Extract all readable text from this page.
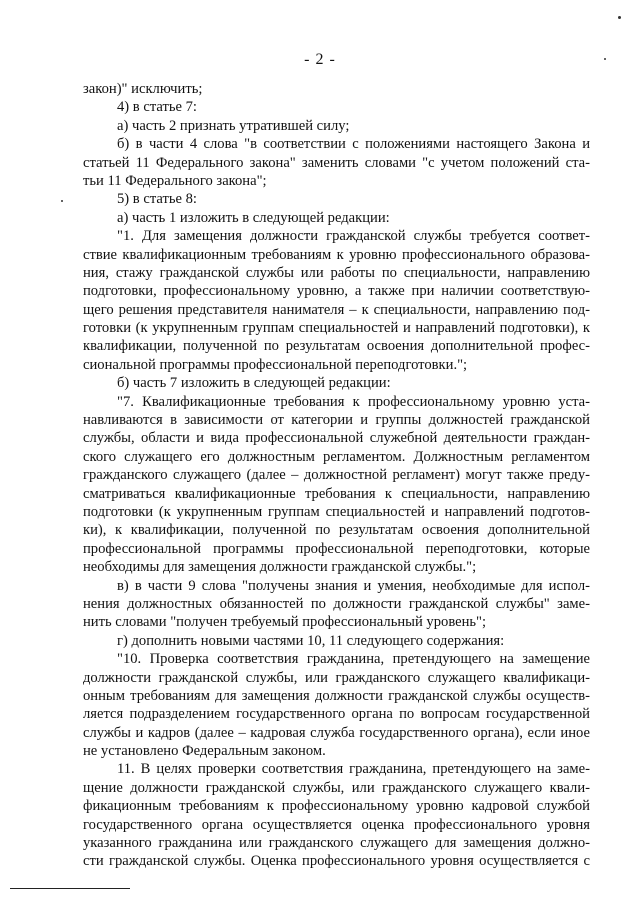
- 2 -
закон)" исключить;
4) в статье 7:
а) часть 2 признать утратившей силу;
б) в части 4 слова "в соответствии с положениями настоящего Закона и
статьей 11 Федерального закона" заменить словами "с учетом положений ста-
тьи 11 Федерального закона";
5) в статье 8:
а) часть 1 изложить в следующей редакции:
"1. Для замещения должности гражданской службы требуется соответ-
ствие квалификационным требованиям к уровню профессионального образова-
ния, стажу гражданской службы или работы по специальности, направлению
подготовки, профессиональному уровню, а также при наличии соответствую-
щего решения представителя нанимателя – к специальности, направлению под-
готовки (к укрупненным группам специальностей и направлений подготовки), к
квалификации, полученной по результатам освоения дополнительной профес-
сиональной программы профессиональной переподготовки.";
б) часть 7 изложить в следующей редакции:
"7. Квалификационные требования к профессиональному уровню уста-
навливаются в зависимости от категории и группы должностей гражданской
службы, области и вида профессиональной служебной деятельности граждан-
ского служащего его должностным регламентом. Должностным регламентом
гражданского служащего (далее – должностной регламент) могут также преду-
сматриваться квалификационные требования к специальности, направлению
подготовки (к укрупненным группам специальностей и направлений подготов-
ки), к квалификации, полученной по результатам освоения дополнительной
профессиональной программы профессиональной переподготовки, которые
необходимы для замещения должности гражданской службы.";
в) в части 9 слова "получены знания и умения, необходимые для испол-
нения должностных обязанностей по должности гражданской службы" заме-
нить словами "получен требуемый профессиональный уровень";
г) дополнить новыми частями 10, 11 следующего содержания:
"10. Проверка соответствия гражданина, претендующего на замещение
должности гражданской службы, или гражданского служащего квалификаци-
онным требованиям для замещения должности гражданской службы осуществ-
ляется подразделением государственного органа по вопросам государственной
службы и кадров (далее – кадровая служба государственного органа), если иное
не установлено Федеральным законом.
11. В целях проверки соответствия гражданина, претендующего на заме-
щение должности гражданской службы, или гражданского служащего квали-
фикационным требованиям к профессиональному уровню кадровой службой
государственного органа осуществляется оценка профессионального уровня
указанного гражданина или гражданского служащего для замещения должно-
сти гражданской службы. Оценка профессионального уровня осуществляется с
